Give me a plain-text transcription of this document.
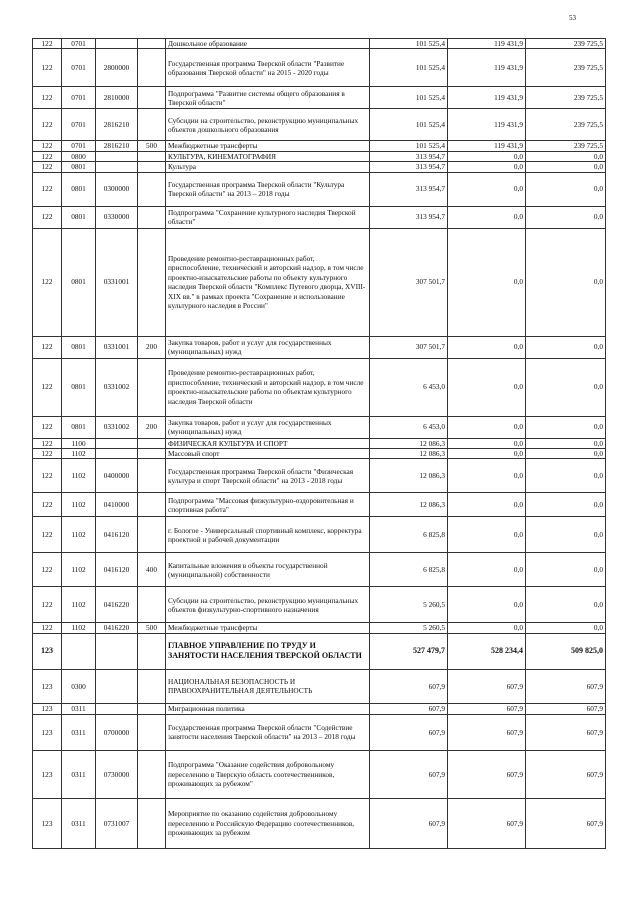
53
122	0701			Дошкольное образование	101 525,4	119 431,9	239 725,5
122	0701	2800000		Государственная программа Тверской области "Развитие образования Тверской области" на 2015 - 2020 годы	101 525,4	119 431,9	239 725,5
122	0701	2810000		Подпрограмма "Развитие системы общего образования в Тверской области"	101 525,4	119 431,9	239 725,5
122	0701	2816210		Субсидии на строительство, реконструкцию муниципальных объектов дошкольного образования	101 525,4	119 431,9	239 725,5
122	0701	2816210	500	Межбюджетные трансферты	101 525,4	119 431,9	239 725,5
122	0800			КУЛЬТУРА, КИНЕМАТОГРАФИЯ	313 954,7	0,0	0,0
122	0801			Культура	313 954,7	0,0	0,0
122	0801	0300000		Государственная программа Тверской области "Культура Тверской области" на 2013 – 2018 годы	313 954,7	0,0	0,0
122	0801	0330000		Подпрограмма "Сохранение культурного наследия Тверской области"	313 954,7	0,0	0,0
122	0801	0331001		Проведение ремонтно-реставрационных работ, приспособление, технический и авторский надзор, в том числе проектно-изыскательские работы по объекту культурного наследия Тверской области "Комплекс Путевого дворца, XVIII-XIX вв." в рамках проекта "Сохранение и использование культурного наследия в России"	307 501,7	0,0	0,0
122	0801	0331001	200	Закупка товаров, работ и услуг для государственных (муниципальных) нужд	307 501,7	0,0	0,0
122	0801	0331002		Проведение ремонтно-реставрационных работ, приспособление, технический и авторский надзор, в том числе проектно-изыскательские работы по объектам культурного наследия Тверской области	6 453,0	0,0	0,0
122	0801	0331002	200	Закупка товаров, работ и услуг для государственных (муниципальных) нужд	6 453,0	0,0	0,0
122	1100			ФИЗИЧЕСКАЯ КУЛЬТУРА И СПОРТ	12 086,3	0,0	0,0
122	1102			Массовый спорт	12 086,3	0,0	0,0
122	1102	0400000		Государственная программа Тверской области "Физическая культура и спорт Тверской области" на 2013 - 2018 годы	12 086,3	0,0	0,0
122	1102	0410000		Подпрограмма "Массовая физкультурно-оздоровительная и спортивная работа"	12 086,3	0,0	0,0
122	1102	0416120		г. Бологое - Универсальный спортивный комплекс, корректура проектной и рабочей документации	6 825,8	0,0	0,0
122	1102	0416120	400	Капитальные вложения в объекты государственной (муниципальной) собственности	6 825,8	0,0	0,0
122	1102	0416220		Субсидии на строительство, реконструкцию муниципальных объектов физкультурно-спортивного назначения	5 260,5	0,0	0,0
122	1102	0416220	500	Межбюджетные трансферты	5 260,5	0,0	0,0
123				ГЛАВНОЕ УПРАВЛЕНИЕ ПО ТРУДУ И ЗАНЯТОСТИ НАСЕЛЕНИЯ ТВЕРСКОЙ ОБЛАСТИ	527 479,7	528 234,4	509 825,0
123	0300			НАЦИОНАЛЬНАЯ БЕЗОПАСНОСТЬ И ПРАВООХРАНИТЕЛЬНАЯ ДЕЯТЕЛЬНОСТЬ	607,9	607,9	607,9
123	0311			Миграционная политика	607,9	607,9	607,9
123	0311	0700000		Государственная программа Тверской области "Содействие занятости населения Тверской области" на 2013 – 2018 годы	607,9	607,9	607,9
123	0311	0730000		Подпрограмма "Оказание содействия добровольному переселению в Тверскую область соотечественников, проживающих за рубежом"	607,9	607,9	607,9
123	0311	0731007		Мероприятие по оказанию содействия добровольному переселению в Российскую Федерацию соотечественников, проживающих за рубежом	607,9	607,9	607,9
